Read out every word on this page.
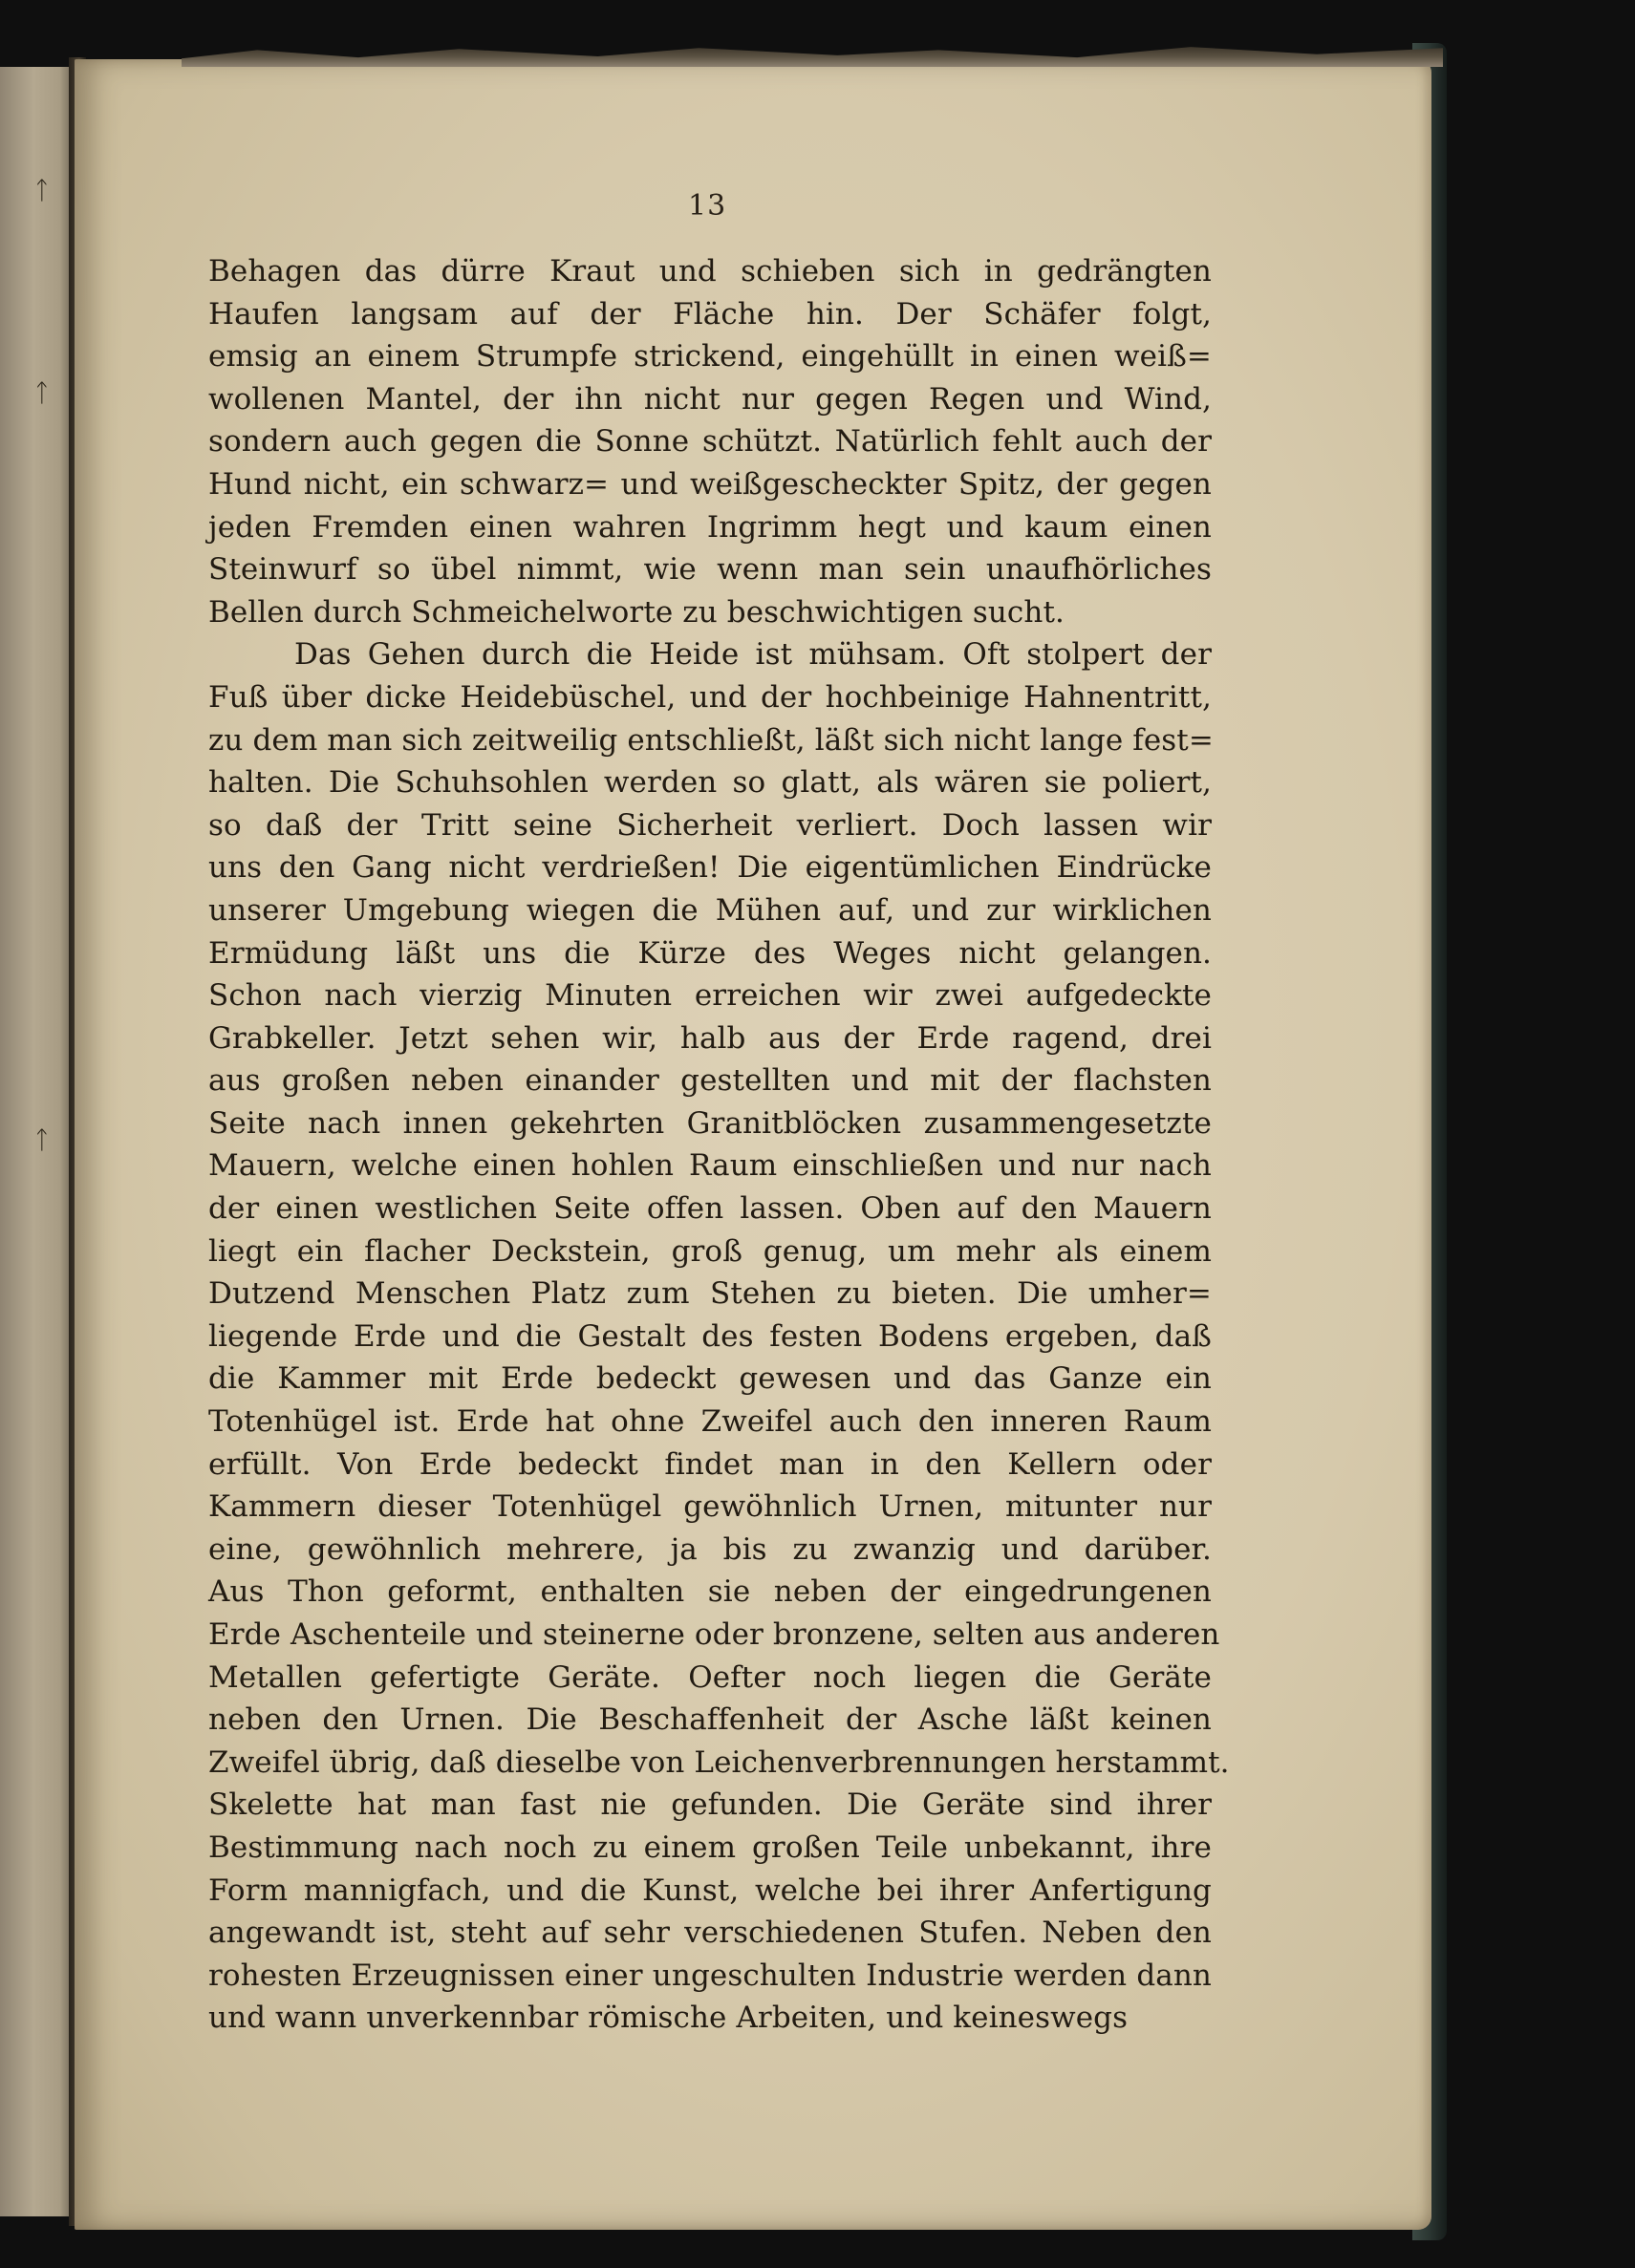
ᛏ
ᛏ
ᛏ
13
Behagen das dürre Kraut und schieben sich in gedrängten
Haufen langsam auf der Fläche hin. Der Schäfer folgt,
emsig an einem Strumpfe strickend, eingehüllt in einen weiß=
wollenen Mantel, der ihn nicht nur gegen Regen und Wind,
sondern auch gegen die Sonne schützt. Natürlich fehlt auch der
Hund nicht, ein schwarz= und weißgescheckter Spitz, der gegen
jeden Fremden einen wahren Ingrimm hegt und kaum einen
Steinwurf so übel nimmt, wie wenn man sein unaufhörliches
Bellen durch Schmeichelworte zu beschwichtigen sucht.
Das Gehen durch die Heide ist mühsam. Oft stolpert der
Fuß über dicke Heidebüschel, und der hochbeinige Hahnentritt,
zu dem man sich zeitweilig entschließt, läßt sich nicht lange fest=
halten. Die Schuhsohlen werden so glatt, als wären sie poliert,
so daß der Tritt seine Sicherheit verliert. Doch lassen wir
uns den Gang nicht verdrießen! Die eigentümlichen Eindrücke
unserer Umgebung wiegen die Mühen auf, und zur wirklichen
Ermüdung läßt uns die Kürze des Weges nicht gelangen.
Schon nach vierzig Minuten erreichen wir zwei aufgedeckte
Grabkeller. Jetzt sehen wir, halb aus der Erde ragend, drei
aus großen neben einander gestellten und mit der flachsten
Seite nach innen gekehrten Granitblöcken zusammengesetzte
Mauern, welche einen hohlen Raum einschließen und nur nach
der einen westlichen Seite offen lassen. Oben auf den Mauern
liegt ein flacher Deckstein, groß genug, um mehr als einem
Dutzend Menschen Platz zum Stehen zu bieten. Die umher=
liegende Erde und die Gestalt des festen Bodens ergeben, daß
die Kammer mit Erde bedeckt gewesen und das Ganze ein
Totenhügel ist. Erde hat ohne Zweifel auch den inneren Raum
erfüllt. Von Erde bedeckt findet man in den Kellern oder
Kammern dieser Totenhügel gewöhnlich Urnen, mitunter nur
eine, gewöhnlich mehrere, ja bis zu zwanzig und darüber.
Aus Thon geformt, enthalten sie neben der eingedrungenen
Erde Aschenteile und steinerne oder bronzene, selten aus anderen
Metallen gefertigte Geräte. Oefter noch liegen die Geräte
neben den Urnen. Die Beschaffenheit der Asche läßt keinen
Zweifel übrig, daß dieselbe von Leichenverbrennungen herstammt.
Skelette hat man fast nie gefunden. Die Geräte sind ihrer
Bestimmung nach noch zu einem großen Teile unbekannt, ihre
Form mannigfach, und die Kunst, welche bei ihrer Anfertigung
angewandt ist, steht auf sehr verschiedenen Stufen. Neben den
rohesten Erzeugnissen einer ungeschulten Industrie werden dann
und wann unverkennbar römische Arbeiten, und keineswegs
